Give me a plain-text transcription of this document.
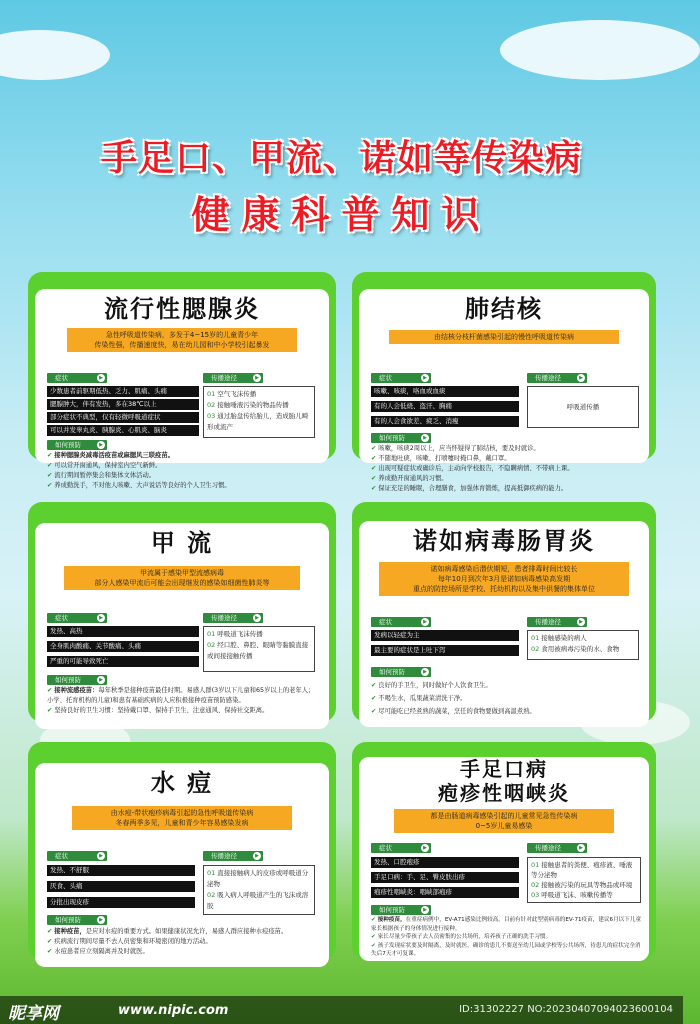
手足口、甲流、诺如等传染病
健康科普知识
流行性腮腺炎
急性呼吸道传染病，多发于4~15岁的儿童青少年
传染性强，传播速度快，易在幼儿园和中小学校引起暴发
症状 ▶	传播途径 ▶
少数患者前驱期低热、乏力、肌痛、头痛
腮腺肿大，伴有发热，多在38℃以上
部分症状不典型，仅有轻微呼吸道症状
可以并发睾丸炎、胰腺炎、心肌炎、脑炎
01 空气飞沫传播
02 接触唾液污染的物品传播
03 通过胎盘传给胎儿，造成胎儿畸形或流产
如何预防 ▶
✔ 接种腮腺炎减毒活疫苗或麻腮风三联疫苗。
✔ 可以常开窗通风，保持室内空气新鲜。
✔ 流行期间暂停集会和集体文体活动。
✔ 养成勤洗手，不对他人咳嗽、大声说话等良好的个人卫生习惯。
肺结核
由结核分枝杆菌感染引起的慢性呼吸道传染病
症状 ▶	传播途径 ▶
咳嗽、咳痰，咯血或血痰
有的人会低烧、盗汗、胸痛
有的人会食欲差、疲乏、消瘦
呼吸道传播
如何预防 ▶
✔ 咳嗽，咳痰2周以上，应当怀疑得了肺结核，要及时就诊。
✔ 不随地吐痰，咳嗽、打喷嚏时掩口鼻，戴口罩。
✔ 出现可疑症状或确诊后，主动向学校报告，不隐瞒病情、不带病上课。
✔ 养成勤开窗通风的习惯。
✔ 保证充足的睡眠，合理膳食，加强体育锻炼，提高抵御疾病的能力。
甲 流
甲流属于感染甲型流感病毒
部分人感染甲流后可能会出现继发的感染如细菌性肺炎等
症状 ▶	传播途径 ▶
发热、高热
全身肌肉酸痛、关节酸痛、头痛
严重的可能导致死亡
01 呼吸道飞沫传播
02 经口腔、鼻腔、眼睛等黏膜直接或间接接触传播
如何预防 ▶
✔ 接种流感疫苗：每年秋季是接种疫苗最佳时期。易感人群(3岁以下儿童和65岁以上的老年人；小学、托育机构的儿童)和患有基础疾病的人应积极接种疫苗预防感染。
✔ 坚持良好的卫生习惯：坚持戴口罩、保持手卫生、注意通风、保持社交距离。
诺如病毒肠胃炎
诺如病毒感染后潜伏期短，患者排毒时间比较长
每年10月到次年3月是诺如病毒感染高发期
重点的防控场所是学校、托幼机构以及集中供餐的集体单位
症状 ▶	传播途径 ▶
发病以轻症为主
最主要的症状是上吐下泻
01 接触感染的病人
02 食用被病毒污染的水、食物
如何预防 ▶
✔ 良好的手卫生，同时做好个人饮食卫生。
✔ 不喝生水，瓜果蔬菜清洗干净。
✔ 尽可能吃已经煮熟的蔬菜，烹任的食物要做到高温煮熟。
水 痘
由水痘-带状疱疹病毒引起的急性呼吸道传染病
冬春两季多见，儿童和青少年容易感染发病
症状 ▶	传播途径 ▶
发热、不舒服
厌食、头痛
分批出现皮疹
01 直接接触病人的皮疹或呼吸道分泌物
02 吸入病人呼吸道产生的飞沫或溶胶
如何预防 ▶
✔ 接种疫苗，是应对水痘的重要方式。如果健康状况允许，易感人群应接种水痘疫苗。
✔ 疾病流行期间尽量不去人员密集和环境密闭的地方活动。
✔ 水痘患者应立刻隔离并及时就医。
手足口病
疱疹性咽峡炎
都是由肠道病毒感染引起的儿童常见急性传染病
0~5岁儿童易感染
症状 ▶	传播途径 ▶
发热、口腔疱疹
手足口病：手、足、臀皮肤出疹
疱疹性咽峡炎：咽峡部疱疹
01 接触患者的粪便、疱疹液、唾液等分泌物
02 接触被污染的玩具等物品或环境
03 呼吸道飞沫、咳嗽传播等
如何预防 ▶
✔ 接种疫苗，在重症病例中，EV-A71感染比例较高。目前有针对此型别病毒的EV-71疫苗，建议6月以下儿童家长根据孩子的身体情况进行接种。
✔ 家长尽量少带孩子去人员密集的公共场所，培养孩子正确的洗手习惯。
✔ 孩子发现症状要及时隔离，及时就医。确诊的患儿不要送至幼儿园或学校等公共场所，待患儿的症状完全消失后7天才可复课。
昵享网	www.nipic.com	ID:31302227 NO:20230407094023600104
